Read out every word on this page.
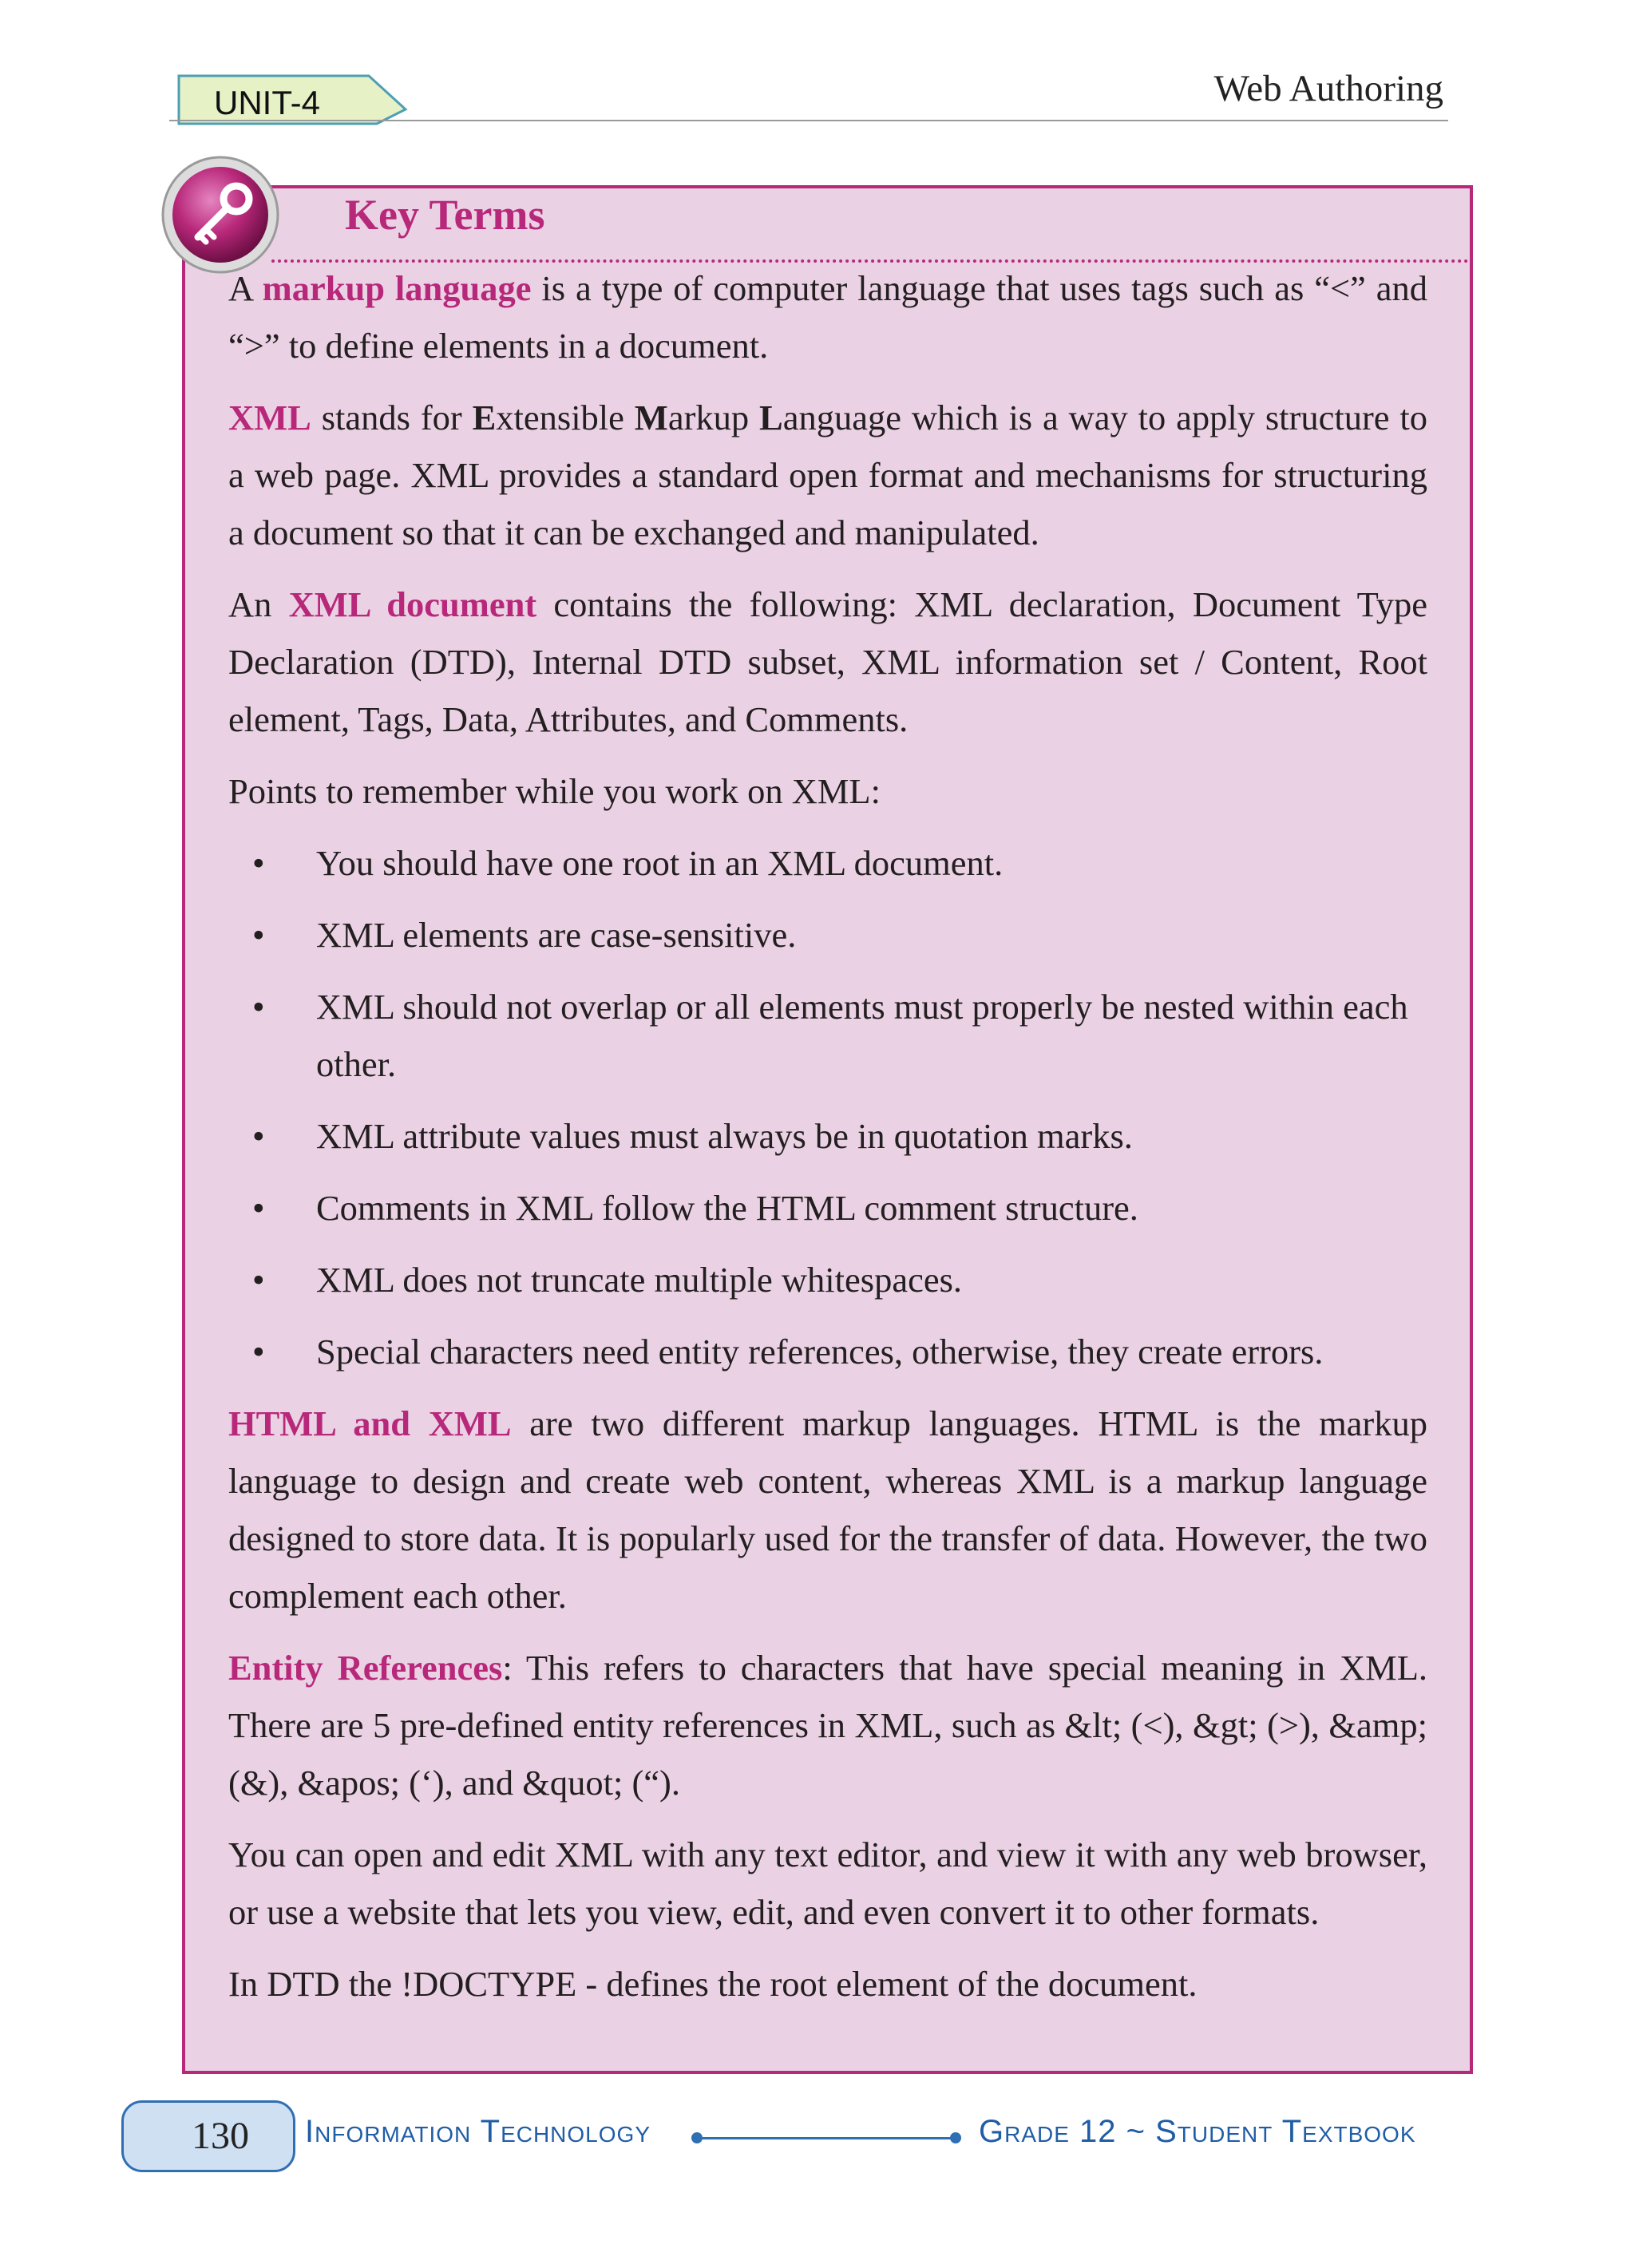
UNIT-4	Web Authoring
Key Terms

A markup language is a type of computer language that uses tags such as “<” and “>” to define elements in a document.

XML stands for Extensible Markup Language which is a way to apply structure to a web page. XML provides a standard open format and mechanisms for structuring a document so that it can be exchanged and manipulated.

An XML document contains the following: XML declaration, Document Type Declaration (DTD), Internal DTD subset, XML information set / Content, Root element, Tags, Data, Attributes, and Comments.

Points to remember while you work on XML:

• You should have one root in an XML document.
• XML elements are case-sensitive.
• XML should not overlap or all elements must properly be nested within each other.
• XML attribute values must always be in quotation marks.
• Comments in XML follow the HTML comment structure.
• XML does not truncate multiple whitespaces.
• Special characters need entity references, otherwise, they create errors.

HTML and XML are two different markup languages. HTML is the markup language to design and create web content, whereas XML is a markup language designed to store data. It is popularly used for the transfer of data. However, the two complement each other.

Entity References: This refers to characters that have special meaning in XML. There are 5 pre-defined entity references in XML, such as &lt; (<), &gt; (>), &amp; (&), &apos; (‘), and &quot; (“).

You can open and edit XML with any text editor, and view it with any web browser, or use a website that lets you view, edit, and even convert it to other formats.

In DTD the !DOCTYPE - defines the root element of the document.

130 Information Technology	Grade 12 ~ Student Textbook
